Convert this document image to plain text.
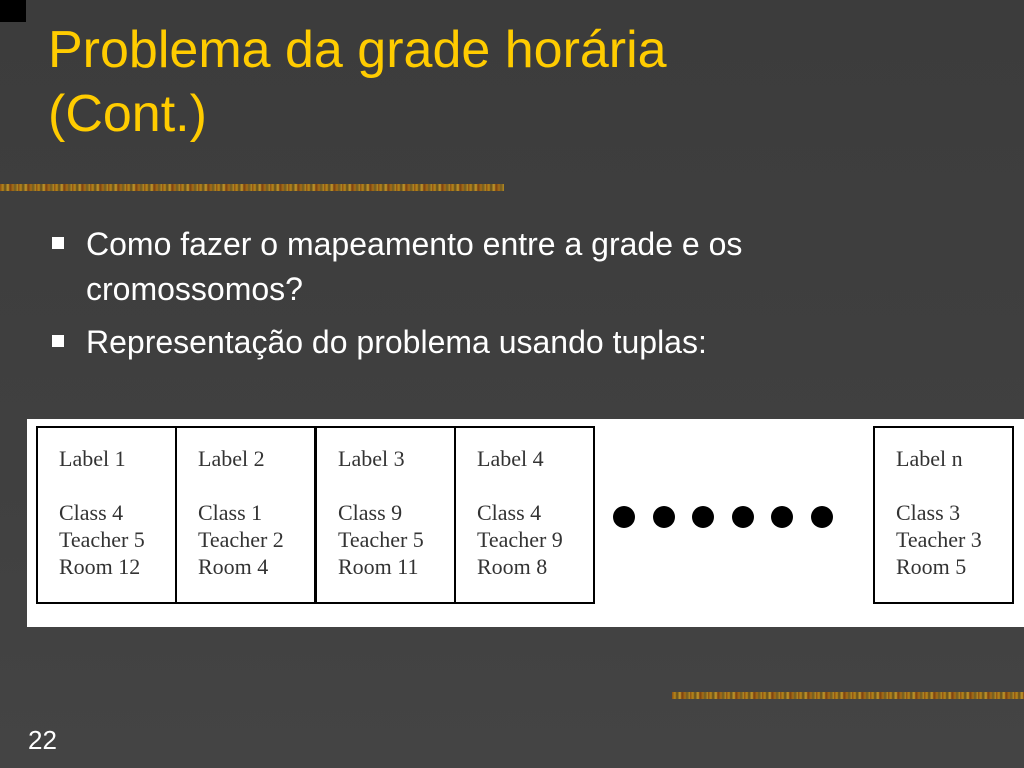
Problema da grade horária
(Cont.)
Como fazer o mapeamento entre a grade e os cromossomos?
Representação do problema usando tuplas:
Label 1
Class 4
Teacher 5
Room 12
Label 2
Class 1
Teacher 2
Room 4
Label 3
Class 9
Teacher 5
Room 11
Label 4
Class 4
Teacher 9
Room 8
Label n
Class 3
Teacher 3
Room 5
22
